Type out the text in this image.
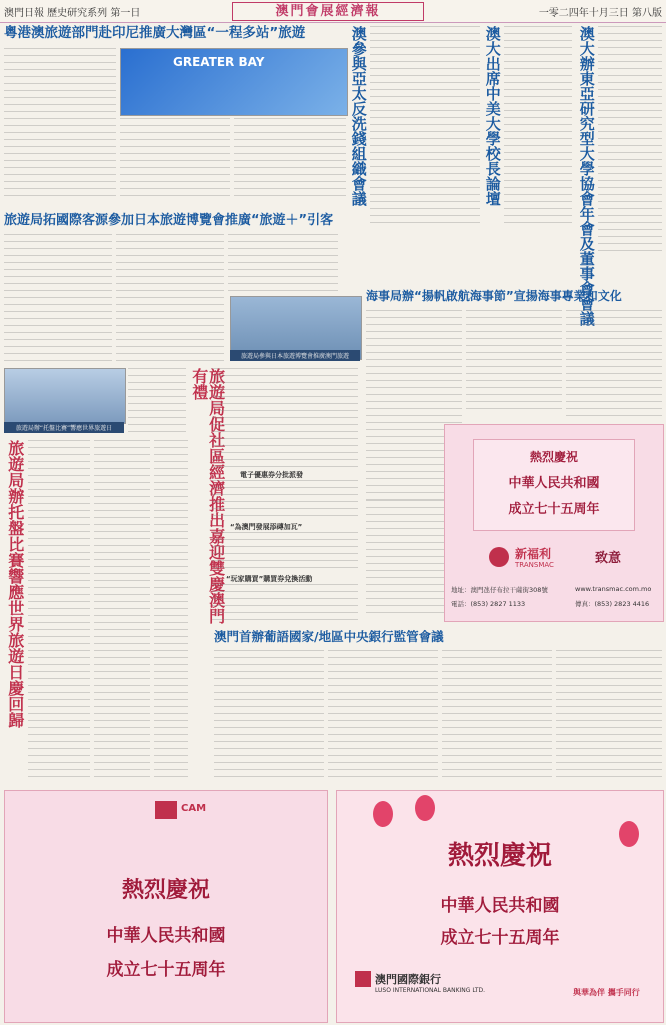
澳門日報 歷史研究系列 第一日	澳門會展經濟報	一零二四年十月三日 第八版
粵港澳旅遊部門赴印尼推廣大灣區“一程多站”旅遊
GREATER BAY	澳參與亞太反洗錢組織會議	澳大出席中美大學校長論壇	澳大辦東亞研究型大學協會年會及董事會會議
旅遊局拓國際客源參加日本旅遊博覽會推廣“旅遊＋”引客
旅遊局參與日本旅遊博覽會推廣澳門旅遊
海事局辦“揚帆啟航海事節”宣揚海事專業和文化
旅遊局辦“托盤比賽”響應世界旅遊日
旅遊局辦托盤比賽響應世界旅遊日慶回歸	旅遊局促社區經濟推出嘉迎雙慶澳門有禮
電子優惠券分批派發
“為澳門發展添磚加瓦”
“玩家購買”購買券兌換活動
熱烈慶祝
中華人民共和國
成立七十五周年
新福利
TRANSMAC	致意
地址：澳門氹仔布拉干薩街308號	www.transmac.com.mo
電話：(853) 2827 1133	傳真：(853) 2823 4416
澳門首辦葡語國家/地區中央銀行監管會議
CAM
熱烈慶祝
中華人民共和國
成立七十五周年
熱烈慶祝
中華人民共和國
成立七十五周年
澳門國際銀行
LUSO INTERNATIONAL BANKING LTD.	與華為伴 攜手同行
